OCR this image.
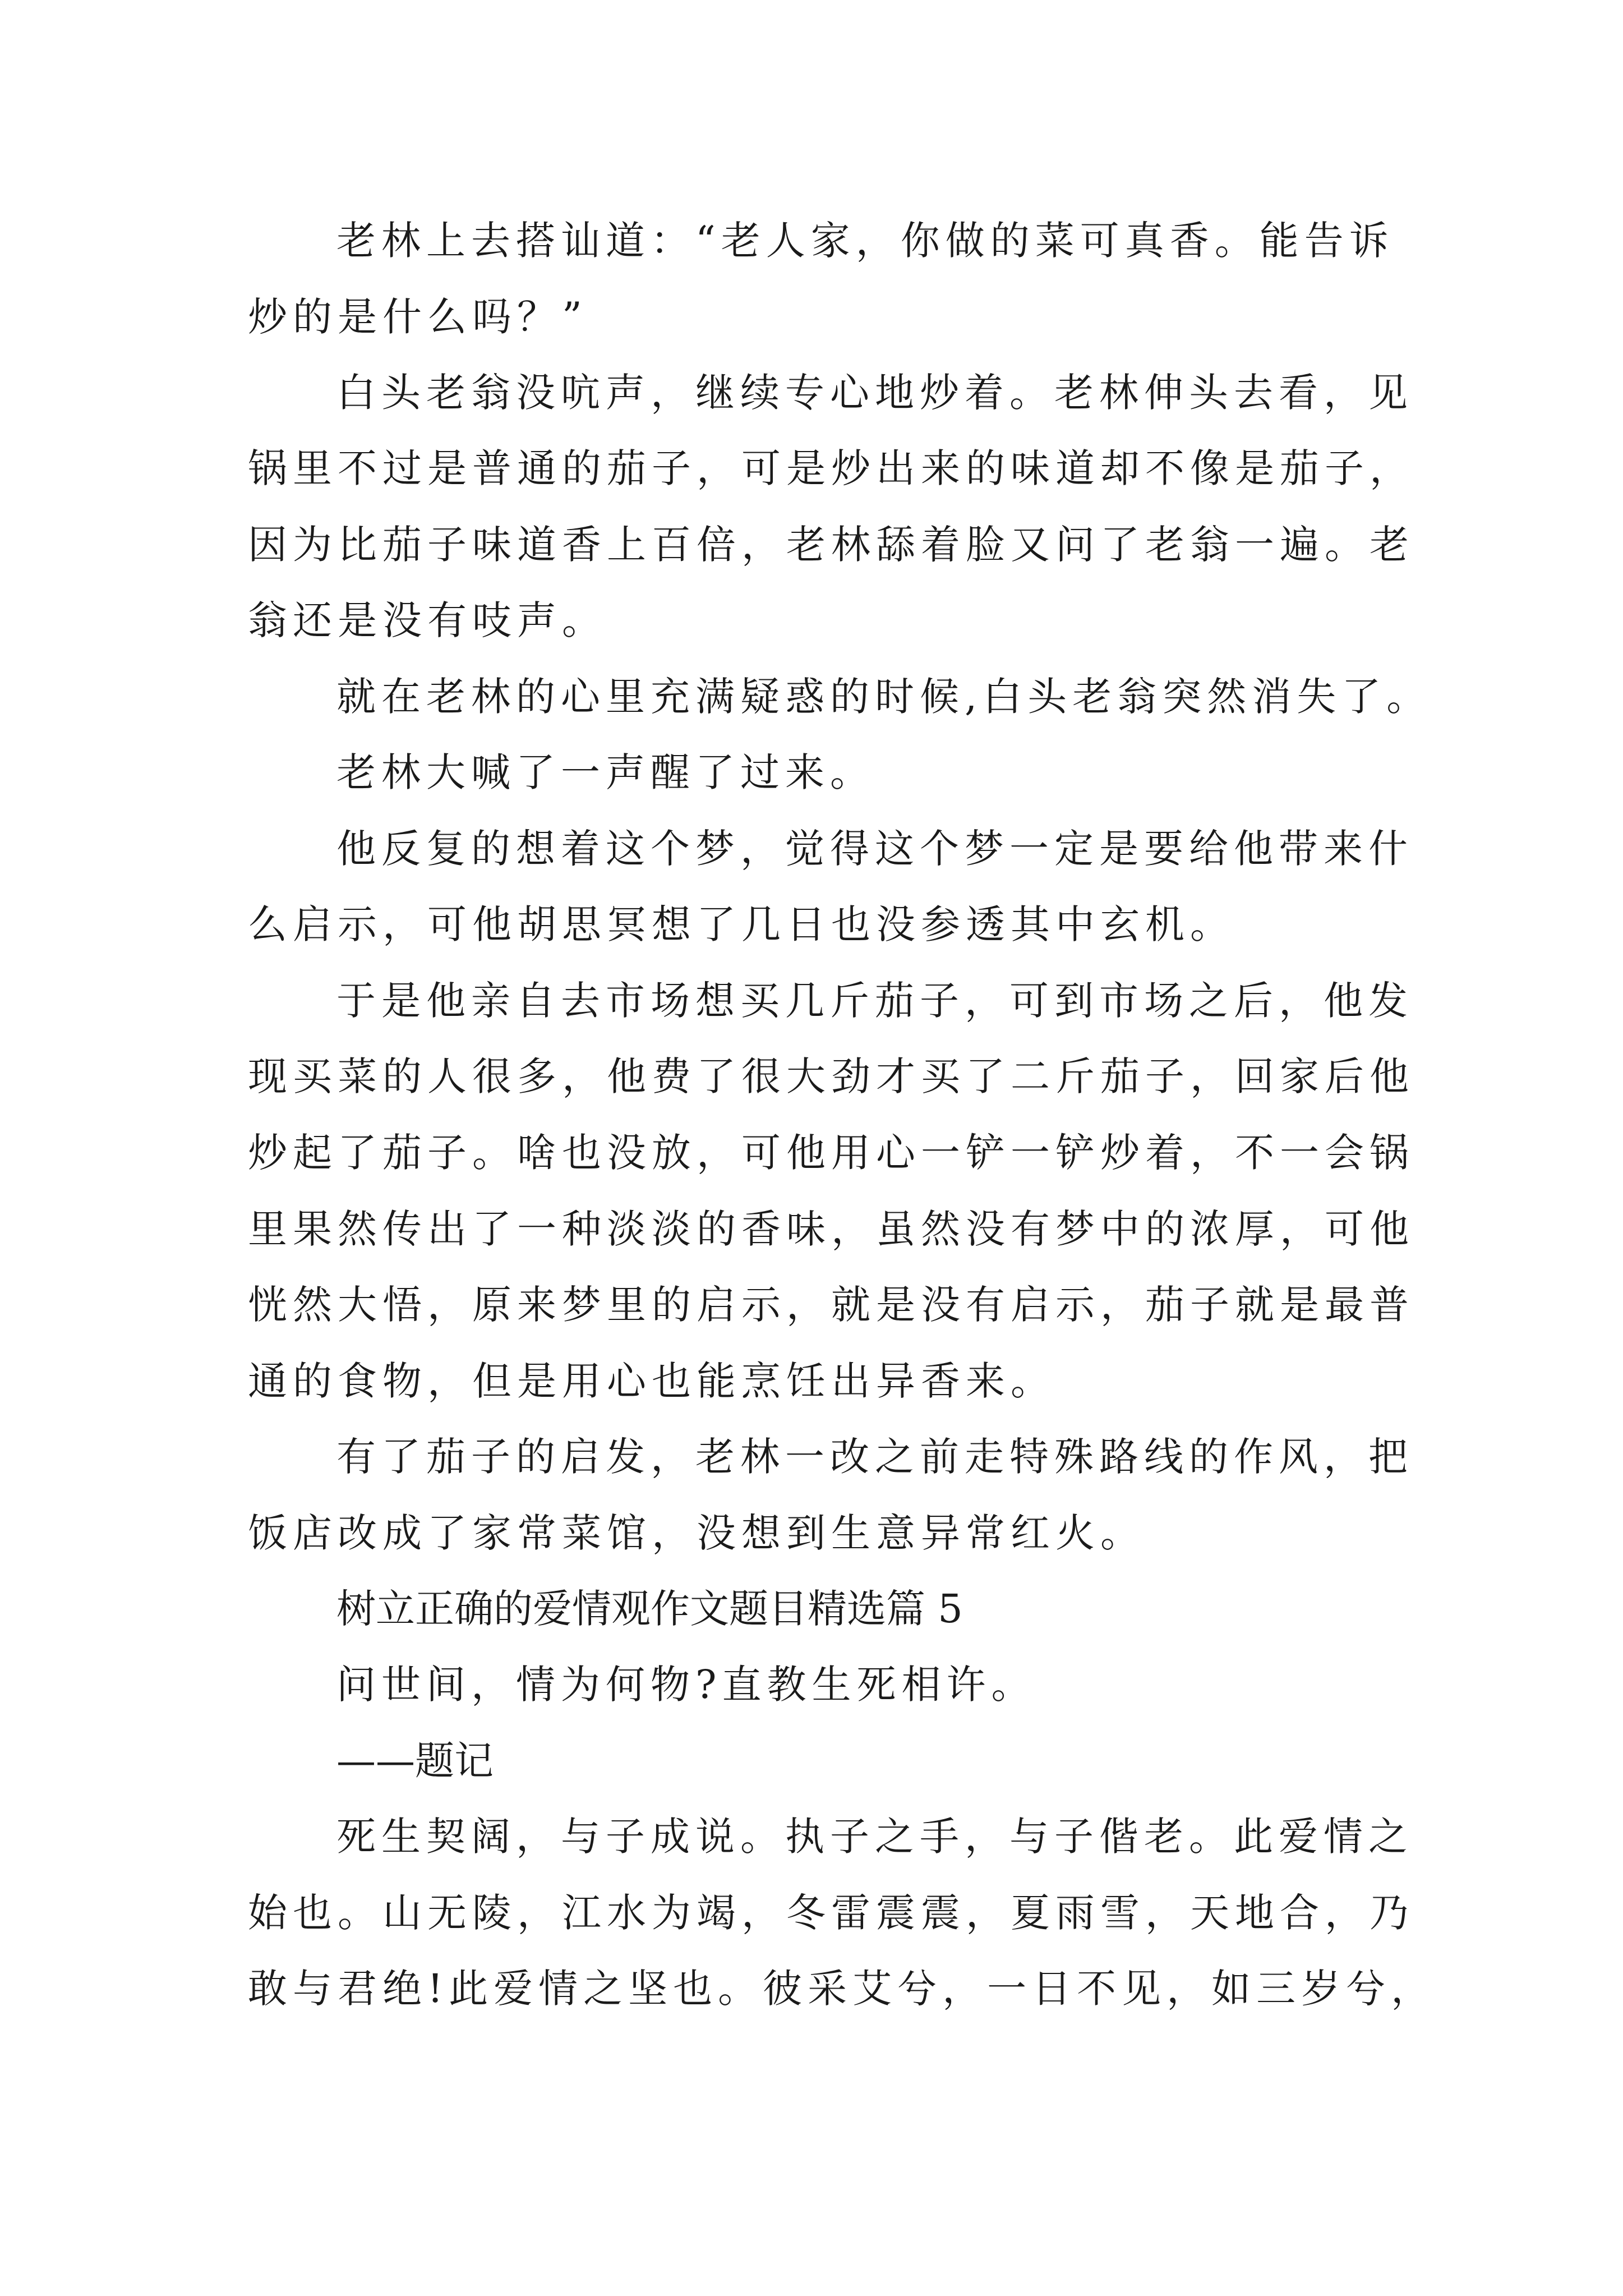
老林上去搭讪道：“老人家，你做的菜可真香。能告诉

炒的是什么吗？”

白头老翁没吭声，继续专心地炒着。老林伸头去看，见

锅里不过是普通的茄子，可是炒出来的味道却不像是茄子，

因为比茄子味道香上百倍，老林舔着脸又问了老翁一遍。老

翁还是没有吱声。

就在老林的心里充满疑惑的时候,白头老翁突然消失了。

老林大喊了一声醒了过来。

他反复的想着这个梦，觉得这个梦一定是要给他带来什

么启示，可他胡思冥想了几日也没参透其中玄机。

于是他亲自去市场想买几斤茄子，可到市场之后，他发

现买菜的人很多，他费了很大劲才买了二斤茄子，回家后他

炒起了茄子。啥也没放，可他用心一铲一铲炒着，不一会锅

里果然传出了一种淡淡的香味，虽然没有梦中的浓厚，可他

恍然大悟，原来梦里的启示，就是没有启示，茄子就是最普

通的食物，但是用心也能烹饪出异香来。

有了茄子的启发，老林一改之前走特殊路线的作风，把

饭店改成了家常菜馆，没想到生意异常红火。

树立正确的爱情观作文题目精选篇 5

问世间，情为何物?直教生死相许。

——题记

死生契阔，与子成说。执子之手，与子偕老。此爱情之

始也。山无陵，江水为竭，冬雷震震，夏雨雪，天地合，乃

敢与君绝!此爱情之坚也。彼采艾兮，一日不见，如三岁兮，
